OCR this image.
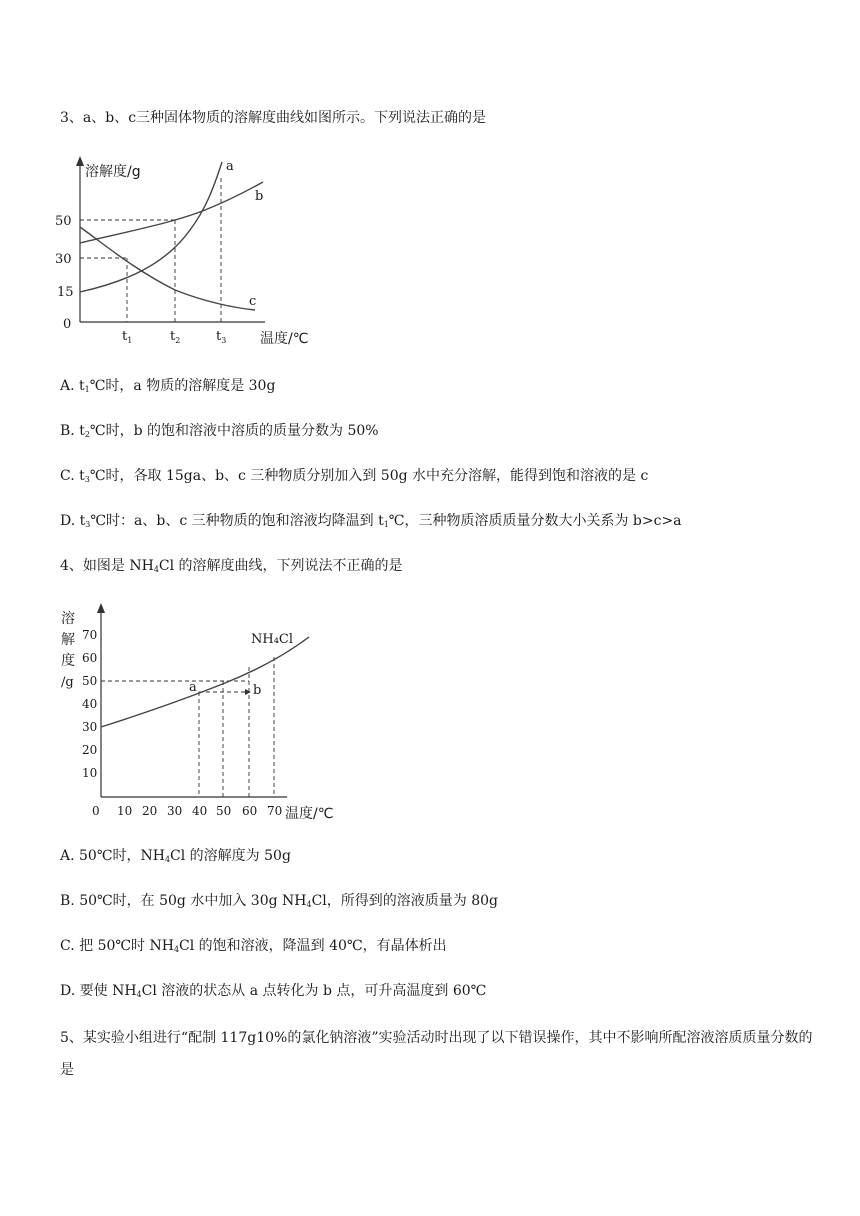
3、a、b、c三种固体物质的溶解度曲线如图所示。下列说法正确的是
溶解度/g
50
30
15
0
$t_1$	$t_2$	$t_3$ 温度/℃
a
b
c
A. $t_1℃$时，a 物质的溶解度是 30g
B. $t_2℃$时，b 的饱和溶液中溶质的质量分数为 50%
C. $t_3℃$时，各取 15ga、b、c 三种物质分别加入到 50g 水中充分溶解，能得到饱和溶液的是 c
D. $t_3℃$时：a、b、c 三种物质的饱和溶液均降温到 $t_1℃$，三种物质溶质质量分数大小关系为 b>c>a
4、如图是 $NH_4Cl$ 的溶解度曲线，下列说法不正确的是
溶
解
度
/g
70
60
50
40
30
20
10
0 10 20 30 40 50 60 70 温度/℃
NH₄Cl
a	b
A. 50℃时，$NH_4Cl$ 的溶解度为 50g
B. 50℃时，在 50g 水中加入 30g $NH_4Cl$，所得到的溶液质量为 80g
C. 把 50℃时 $NH_4Cl$ 的饱和溶液，降温到 40℃，有晶体析出
D. 要使 $NH_4Cl$ 溶液的状态从 a 点转化为 b 点，可升高温度到 60℃
5、某实验小组进行“配制 117g10%的氯化钠溶液”实验活动时出现了以下错误操作，其中不影响所配溶液溶质质量分数的是
